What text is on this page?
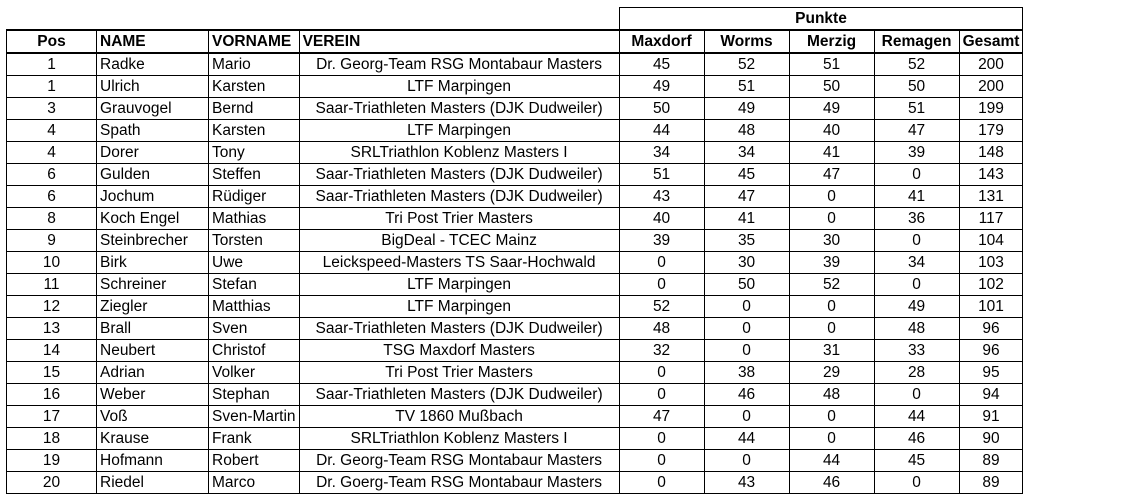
				Punkte				
Pos	NAME	VORNAME	VEREIN	Maxdorf	Worms	Merzig	Remagen	Gesamt
1	Radke	Mario	Dr. Georg-Team RSG Montabaur Masters	45	52	51	52	200
1	Ulrich	Karsten	LTF Marpingen	49	51	50	50	200
3	Grauvogel	Bernd	Saar-Triathleten Masters (DJK Dudweiler)	50	49	49	51	199
4	Spath	Karsten	LTF Marpingen	44	48	40	47	179
4	Dorer	Tony	SRLTriathlon Koblenz Masters I	34	34	41	39	148
6	Gulden	Steffen	Saar-Triathleten Masters (DJK Dudweiler)	51	45	47	0	143
6	Jochum	Rüdiger	Saar-Triathleten Masters (DJK Dudweiler)	43	47	0	41	131
8	Koch Engel	Mathias	Tri Post Trier Masters	40	41	0	36	117
9	Steinbrecher	Torsten	BigDeal - TCEC Mainz	39	35	30	0	104
10	Birk	Uwe	Leickspeed-Masters TS Saar-Hochwald	0	30	39	34	103
11	Schreiner	Stefan	LTF Marpingen	0	50	52	0	102
12	Ziegler	Matthias	LTF Marpingen	52	0	0	49	101
13	Brall	Sven	Saar-Triathleten Masters (DJK Dudweiler)	48	0	0	48	96
14	Neubert	Christof	TSG Maxdorf Masters	32	0	31	33	96
15	Adrian	Volker	Tri Post Trier Masters	0	38	29	28	95
16	Weber	Stephan	Saar-Triathleten Masters (DJK Dudweiler)	0	46	48	0	94
17	Voß	Sven-Martin	TV 1860 Mußbach	47	0	0	44	91
18	Krause	Frank	SRLTriathlon Koblenz Masters I	0	44	0	46	90
19	Hofmann	Robert	Dr. Georg-Team RSG Montabaur Masters	0	0	44	45	89
20	Riedel	Marco	Dr. Goerg-Team RSG Montabaur Masters	0	43	46	0	89
